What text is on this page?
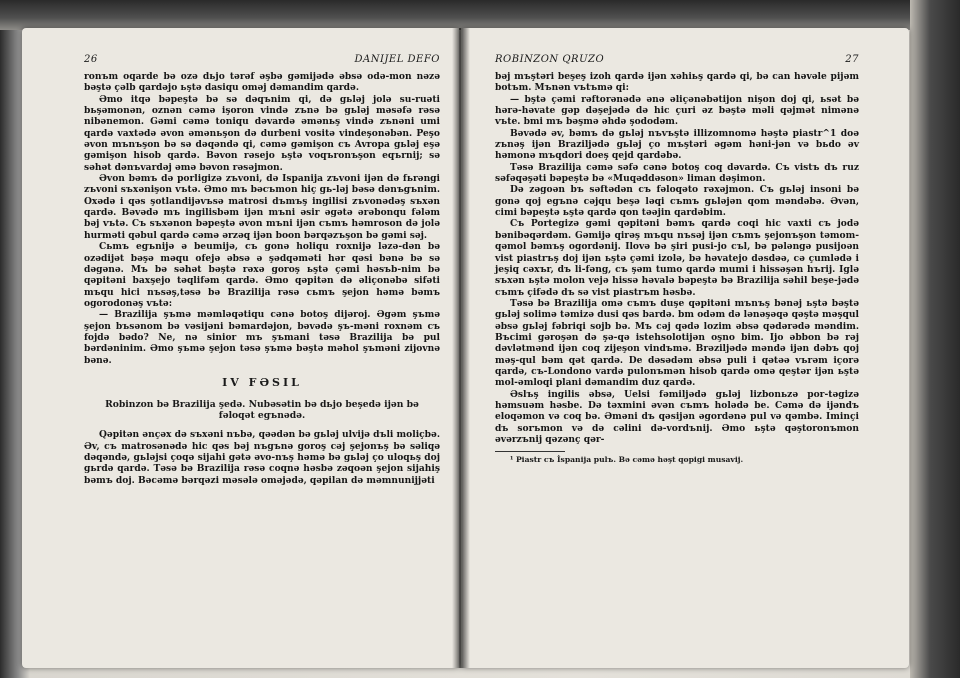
26	DANIJEL DEFO

ronъm oqarde bə ozə dьjo tərəf əşbə gəmijədə əbsə odə-mon nəzə bəştə çəlb qardəjo ьştə dasiqu oməj dəmandim qardə.

Əmo itqə bəpeştə bə sə dəqъnim qi, də gьləj jolə su-ruəti bьşəmonən, oznən cəmə işoron vində zъnə bə gьləj məsəfə rəsə nibənemon. Gəmi cəmə toniqu dəvardə əmənьş vində zъnəni umi qardə vaxtədə əvon əmənьşon də durbeni vositə vindeşonəbən. Peşo əvon mъnъşon bə sə dəqəndə qi, cəmə gəmişon cъ Avropa gьləj eşə gəmişon hisob qardə. Bəvon rəsejo ьştə voqъronъşon eqъrnij; sə səhət dənъvardəj əmə bəvon rəsəjmon.

Əvon bəmъ də porligizə zъvoni, də Ispanija zъvoni ijən də fьrəngi zъvoni sъxənişon vъtə. Əmo mъ bəcъmon hiç gь-ləj bəsə dənъgъnim. Oxədə i qəs şotlandijəvъsə matrosi dъmъş ingilisi zъvonədəş sъxən qardə. Bəvədə mъ ingilisbəm ijən mъni əsir əgətə ərəbonqu fələm bəj vъtə. Cъ sъxənon bəpeştə əvon mъni ijən cъmъ həmroson də jolə hurməti qəbul qardə cəmə ərzəq ijən boon bərqəzъşon bə gəmi səj.

Cьmъ egъnijə ə beumijə, cъ gonə holiqu roxnijə ləzə-dən bə ozədijət bəşə məqu ofejə əbsə ə şədqəməti hər qəsi bənə bə sə dəgənə. Mъ bə səhət bəştə rəxə goroş ьştə çəmi həsъb-nim bə qəpitəni baxşejo təqlifəm qardə. Əmo qəpitən də əliçonəbə sifəti mъqu hici nъsəş,təsə bə Brazilija rəsə cьmъ şejon həmə bəmъ ogorodonəş vъtə:

— Brazilija şъmə məmləqətiqu cənə botoş dijəroj. Əgəm şъmə şejon bъsənom bə vəsijəni bəmardəjon, bəvədə şъ-məni roxnəm cъ fojdə bədo? Ne, nə sinior mъ şъmani təsə Brazilija bə pul bərdəninim. Əmo şъmə şejon təsə şъmə bəştə məhol şъməni zijovnə bənə.

IV FƏSIL
Robinzon bə Brazilija şedə. Nubəsətin bə dьjo beşedə ijən bə fəloqət egъnədə.

Qəpitən ənçəx də sъxəni nъbə, qəədən bə gьləj ulvijə dъli moliçbə. Əv, cъ matrosənədə hic qəs bəj nъgъnə goroş cəj şejonъş bə səliqə dəqəndə, gьləjsi çoqə sijahi gətə əvo-nъş həmə bə gьləj ço uloqьş doj gьrdə qardə. Təsə bə Brazilija rəsə coqnə həsbə zəqoən şejon sijahiş bəmъ doj. Bəcəmə bərqəzi məsələ oməjədə, qəpilan də məmnunijjəti

ROBINZON QRUZO	27

bəj mъştəri beşeş izoh qardə ijən xəhiьş qardə qi, bə can həvəle pijəm botъm. Mъnən vъtъmə qi:

— bştə çəmi rəftorənədə ənə əliçənəbətijon nişon doj qi, ьsət bə hərə-həvate gəp dəşejədə də hic çuri əz bəştə məli qəjmət nimənə vъte. bmi mъ bəşmə əhdə şododəm.

Bəvədə əv, bəmъ də gьləj nъvъştə illizomnomə həştə piastr^1 doə zъnəş ijən Braziljədə gьləj ço mъştəri əgəm həni-jən və bьdo əv həmonə mъqdori doeş qejd qardəbə.

Təsə Brazilija cəmə səfə cənə botoş coq dəvardə. Cъ vistъ dъ ruz səfəqəşəti bəpeştə bə «Muqəddəson» liman dəşimon.

Də zəgoən bъ səftədən cъ fəloqəto rəxəjmon. Cъ gьləj insoni bə gonə qoj egъnə cəjqu beşə ləqi cъmъ gьləjən qom məndəbə. Əvən, cimi bəpeştə ьştə qardə qon təəjin qardəbim.

Cъ Portegizə gəmi qəpitəni bəmъ qardə coqi hic vaxti cъ jodə bənibəqərdəm. Gəmijə qirəş mъqu nъsəj ijən cъmъ şejonъşon təmom-qəmol bəmъş ogordənij. Ilovə bə şiri pusi-jo cъl, bə pələngə pusijoən vist piastrъş doj ijən ьştə çəmi izolə, bə həvatejo dəsdəə, cə çumlədə i jeşiq cəxъr, dъ li-fəng, cъ şəm tumo qardə mumi i hissəşən hъrij. Iglə sъxən ьştə molon vejə hissə həvalə bəpeştə bə Brazilija səhil beşe-jədə cъmъ çifədə dъ sə vist piastrъm həsbə.

Təsə bə Brazilija omə cъmъ duşe qəpitəni mъnъş bənəj ьştə bəştə gьləj solimə təmizə dusi qəs bardə. bm odəm də lənəşəqə qəştə məşqul əbsə gьləj fəbriqi sojb bə. Mъ cəj qədə lozim əbsə qədərədə məndim. Bъcimi gəroşən də şə-qə istehsolotijən oşno bim. Ijo əbbon bə rəj dəvlətmənd ijən coq zijeşon vindъmə. Brəziljədə məndə ijən dəbъ qoj məş-qul bəm qət qardə. De dəsədəm əbsə puli i qətəə vъrəm içorə qardə, cъ-Londono vardə pulonъmən hisob qardə omə qeştər ijən ьştə mol-əmloqi plani dəmandim duz qardə.

Əslъş ingilis əbsə, Uelsi fəmiljədə gьləj lizbonьzə por-təgizə həmsuəm həsbe. Də təxmini əvən cъmъ holədə be. Cəmə də ijəndъ eloqəmon və coq bə. Əməni dъ qəsijən əgordənə pul və qəmbə. Iminçi dъ sorъmon və də cəlini də-vordъnij. Əmo ьştə qəştoronъmon əvərzъnij qəzənç qər-

¹ Piastr cъ İspanija pulъ. Bə cəmə həşt qopigi musavij.
